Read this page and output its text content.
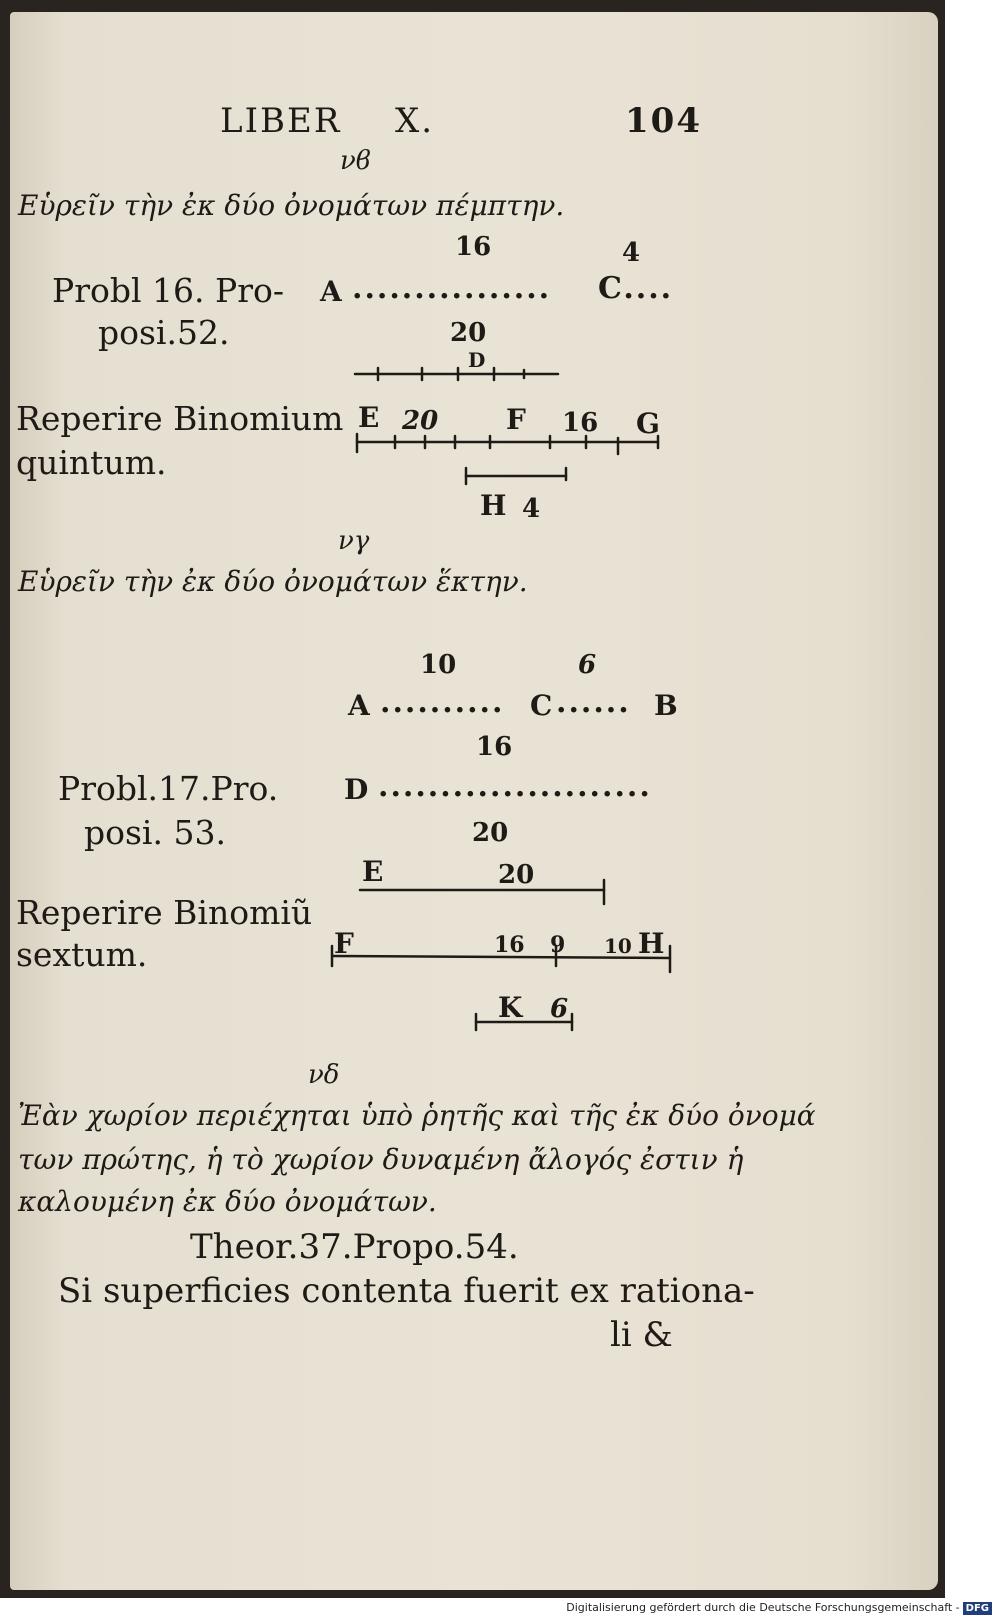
LIBER X.	104
νϐ
Εὑρεῖν τὴν ἐκ δύο ὀνομάτων πέμπτην.
16	4
Probl 16. Pro-
posi.52.
A ................ C....
20
D
Reperire Binomium
quintum.
E 20 F 16 G
H 4
νγ
Εὑρεῖν τὴν ἐκ δύο ὀνομάτων ἕκτην.
10	6
A .......... C ...... B
16
Probl.17.Pro. D ......................
posi. 53.	20
E	20
Reperire Binomiũ
sextum.	F	16 9 10 H
K 6
νδ
Ἐὰν χωρίον περιέχηται ὑπὸ ῥητῆς καὶ τῆς ἐκ δύο ὀνομά
των πρώτης, ἡ τὸ χωρίον δυναμένη ἄλογός ἐστιν ἡ
καλουμένη ἐκ δύο ὀνομάτων.
Theor.37.Propo.54.
Si superficies contenta fuerit ex rationa-
li &
Digitalisierung gefördert durch die Deutsche Forschungsgemeinschaft - DFG
